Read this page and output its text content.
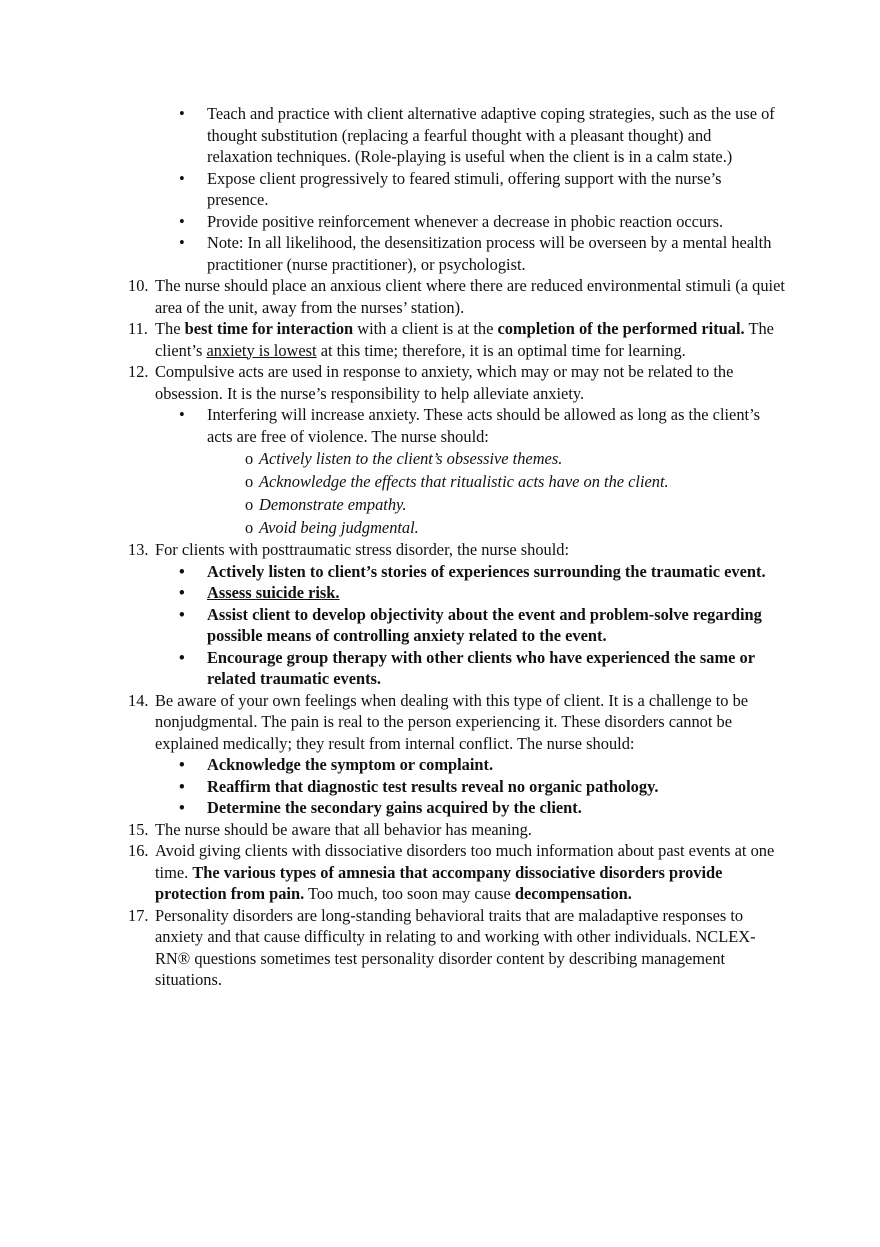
• Teach and practice with client alternative adaptive coping strategies, such as the use of thought substitution (replacing a fearful thought with a pleasant thought) and relaxation techniques. (Role-playing is useful when the client is in a calm state.)
• Expose client progressively to feared stimuli, offering support with the nurse’s presence.
• Provide positive reinforcement whenever a decrease in phobic reaction occurs.
• Note: In all likelihood, the desensitization process will be overseen by a mental health practitioner (nurse practitioner), or psychologist.
10. The nurse should place an anxious client where there are reduced environmental stimuli (a quiet area of the unit, away from the nurses’ station).
11. The best time for interaction with a client is at the completion of the performed ritual. The client’s anxiety is lowest at this time; therefore, it is an optimal time for learning.
12. Compulsive acts are used in response to anxiety, which may or may not be related to the obsession. It is the nurse’s responsibility to help alleviate anxiety.
• Interfering will increase anxiety. These acts should be allowed as long as the client’s acts are free of violence. The nurse should:
o Actively listen to the client’s obsessive themes.
o Acknowledge the effects that ritualistic acts have on the client.
o Demonstrate empathy.
o Avoid being judgmental.
13. For clients with posttraumatic stress disorder, the nurse should:
• Actively listen to client’s stories of experiences surrounding the traumatic event.
• Assess suicide risk.
• Assist client to develop objectivity about the event and problem-solve regarding possible means of controlling anxiety related to the event.
• Encourage group therapy with other clients who have experienced the same or related traumatic events.
14. Be aware of your own feelings when dealing with this type of client. It is a challenge to be nonjudgmental. The pain is real to the person experiencing it. These disorders cannot be explained medically; they result from internal conflict. The nurse should:
• Acknowledge the symptom or complaint.
• Reaffirm that diagnostic test results reveal no organic pathology.
• Determine the secondary gains acquired by the client.
15. The nurse should be aware that all behavior has meaning.
16. Avoid giving clients with dissociative disorders too much information about past events at one time. The various types of amnesia that accompany dissociative disorders provide protection from pain. Too much, too soon may cause decompensation.
17. Personality disorders are long-standing behavioral traits that are maladaptive responses to anxiety and that cause difficulty in relating to and working with other individuals. NCLEX-RN® questions sometimes test personality disorder content by describing management situations.
